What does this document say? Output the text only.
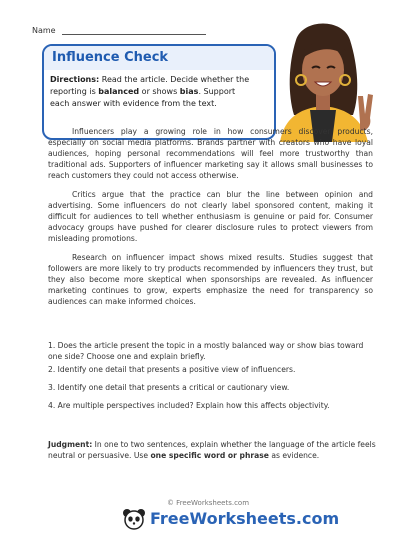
Name
Influence Check
Directions: Read the article. Decide whether the reporting is balanced or shows bias. Support each answer with evidence from the text.
Influencers play a growing role in how consumers discover products, especially on social media platforms. Brands partner with creators who have loyal audiences, hoping personal recommendations will feel more trustworthy than traditional ads. Supporters of influencer marketing say it allows small businesses to reach customers they could not access otherwise.
Critics argue that the practice can blur the line between opinion and advertising. Some influencers do not clearly label sponsored content, making it difficult for audiences to tell whether enthusiasm is genuine or paid for. Consumer advocacy groups have pushed for clearer disclosure rules to protect viewers from misleading promotions.
Research on influencer impact shows mixed results. Studies suggest that followers are more likely to try products recommended by influencers they trust, but they also become more skeptical when sponsorships are revealed. As influencer marketing continues to grow, experts emphasize the need for transparency so audiences can make informed choices.
1. Does the article present the topic in a mostly balanced way or show bias toward one side? Choose one and explain briefly.
2. Identify one detail that presents a positive view of influencers.
3. Identify one detail that presents a critical or cautionary view.
4. Are multiple perspectives included? Explain how this affects objectivity.
Judgment: In one to two sentences, explain whether the language of the article feels neutral or persuasive. Use one specific word or phrase as evidence.
© FreeWorksheets.com
FreeWorksheets.com
